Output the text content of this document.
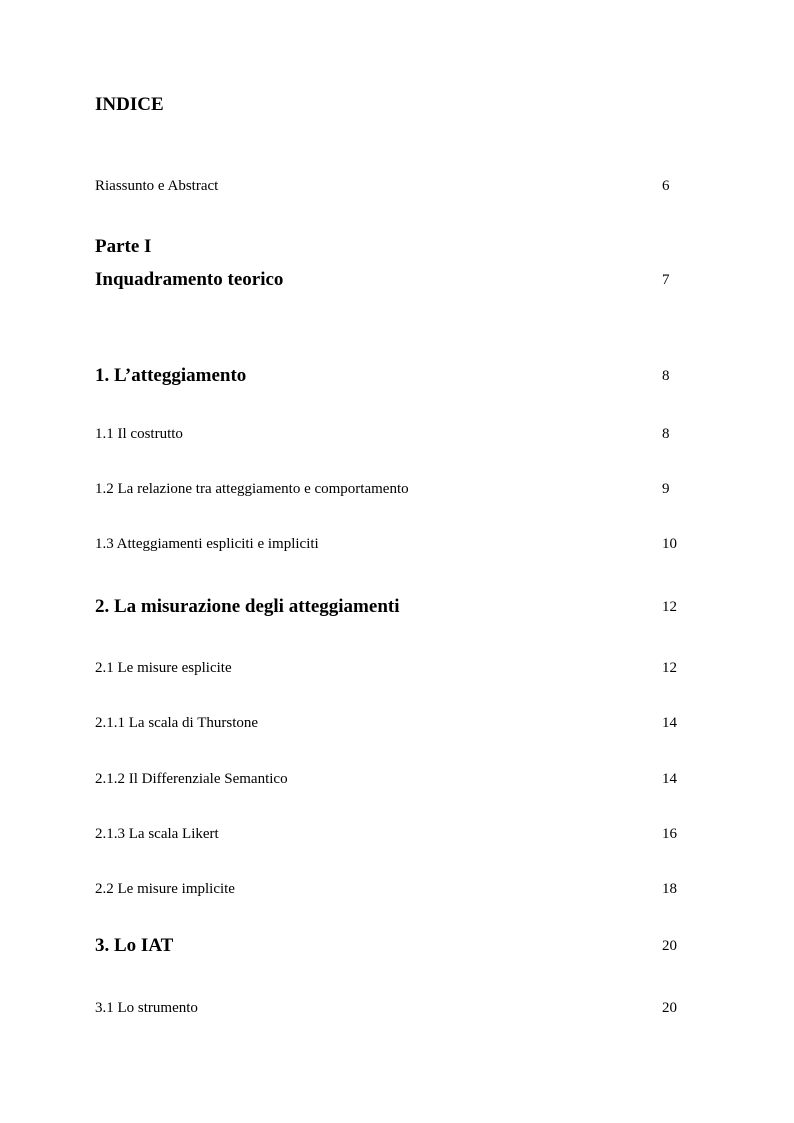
INDICE
Riassunto e Abstract	6
Parte I
Inquadramento teorico	7
1. L’atteggiamento	8
1.1 Il costrutto	8
1.2 La relazione tra atteggiamento e comportamento	9
1.3 Atteggiamenti espliciti e impliciti	10
2. La misurazione degli atteggiamenti	12
2.1 Le misure esplicite	12
2.1.1 La scala di Thurstone	14
2.1.2 Il Differenziale Semantico	14
2.1.3 La scala Likert	16
2.2 Le misure implicite	18
3. Lo IAT	20
3.1 Lo strumento	20
